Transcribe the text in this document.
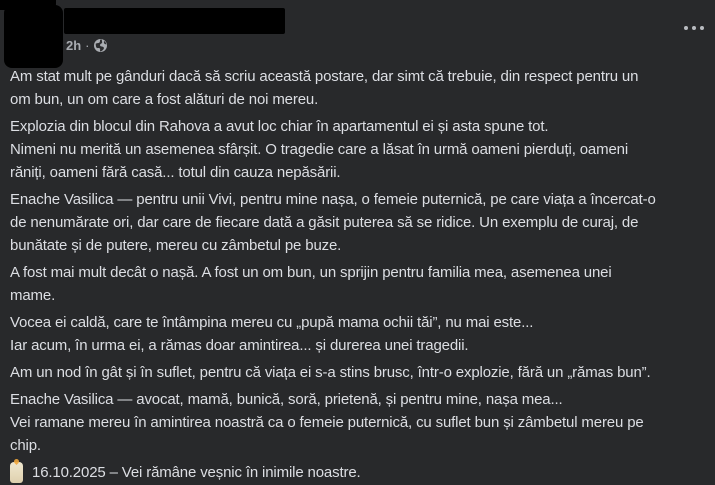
2h ·
Am stat mult pe gânduri dacă să scriu această postare, dar simt că trebuie, din respect pentru un
om bun, un om care a fost alături de noi mereu.
Explozia din blocul din Rahova a avut loc chiar în apartamentul ei și asta spune tot.
Nimeni nu merită un asemenea sfârșit. O tragedie care a lăsat în urmă oameni pierduți, oameni
răniți, oameni fără casă... totul din cauza nepăsării.
Enache Vasilica — pentru unii Vivi, pentru mine nașa, o femeie puternică, pe care viața a încercat-o
de nenumărate ori, dar care de fiecare dată a găsit puterea să se ridice. Un exemplu de curaj, de
bunătate și de putere, mereu cu zâmbetul pe buze.
A fost mai mult decât o nașă. A fost un om bun, un sprijin pentru familia mea, asemenea unei
mame.
Vocea ei caldă, care te întâmpina mereu cu „pupă mama ochii tăi”, nu mai este...
Iar acum, în urma ei, a rămas doar amintirea... și durerea unei tragedii.
Am un nod în gât și în suflet, pentru că viața ei s-a stins brusc, într-o explozie, fără un „rămas bun”.
Enache Vasilica — avocat, mamă, bunică, soră, prietenă, și pentru mine, nașa mea...
Vei ramane mereu în amintirea noastră ca o femeie puternică, cu suflet bun și zâmbetul mereu pe
chip.
16.10.2025 – Vei rămâne veșnic în inimile noastre.
